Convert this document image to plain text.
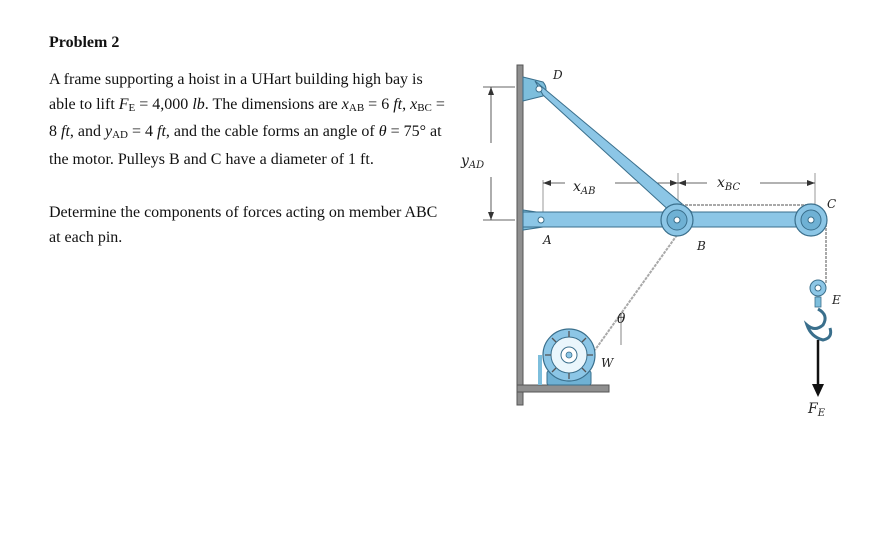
Problem 2
A frame supporting a hoist in a UHart building high bay is able to lift $F_E = 4,000$ lb. The dimensions are $x_{AB} = 6$ ft, $x_{BC} = 8$ ft, and $y_{AD} = 4$ ft, and the cable forms an angle of θ = 75° at the motor. Pulleys B and C have a diameter of 1 ft.
Determine the components of forces acting on member ABC at each pin.
$y_{AD}$
$x_{AB}$
$x_{BC}$
D
A	B
C
E
W
θ
$F_E$
